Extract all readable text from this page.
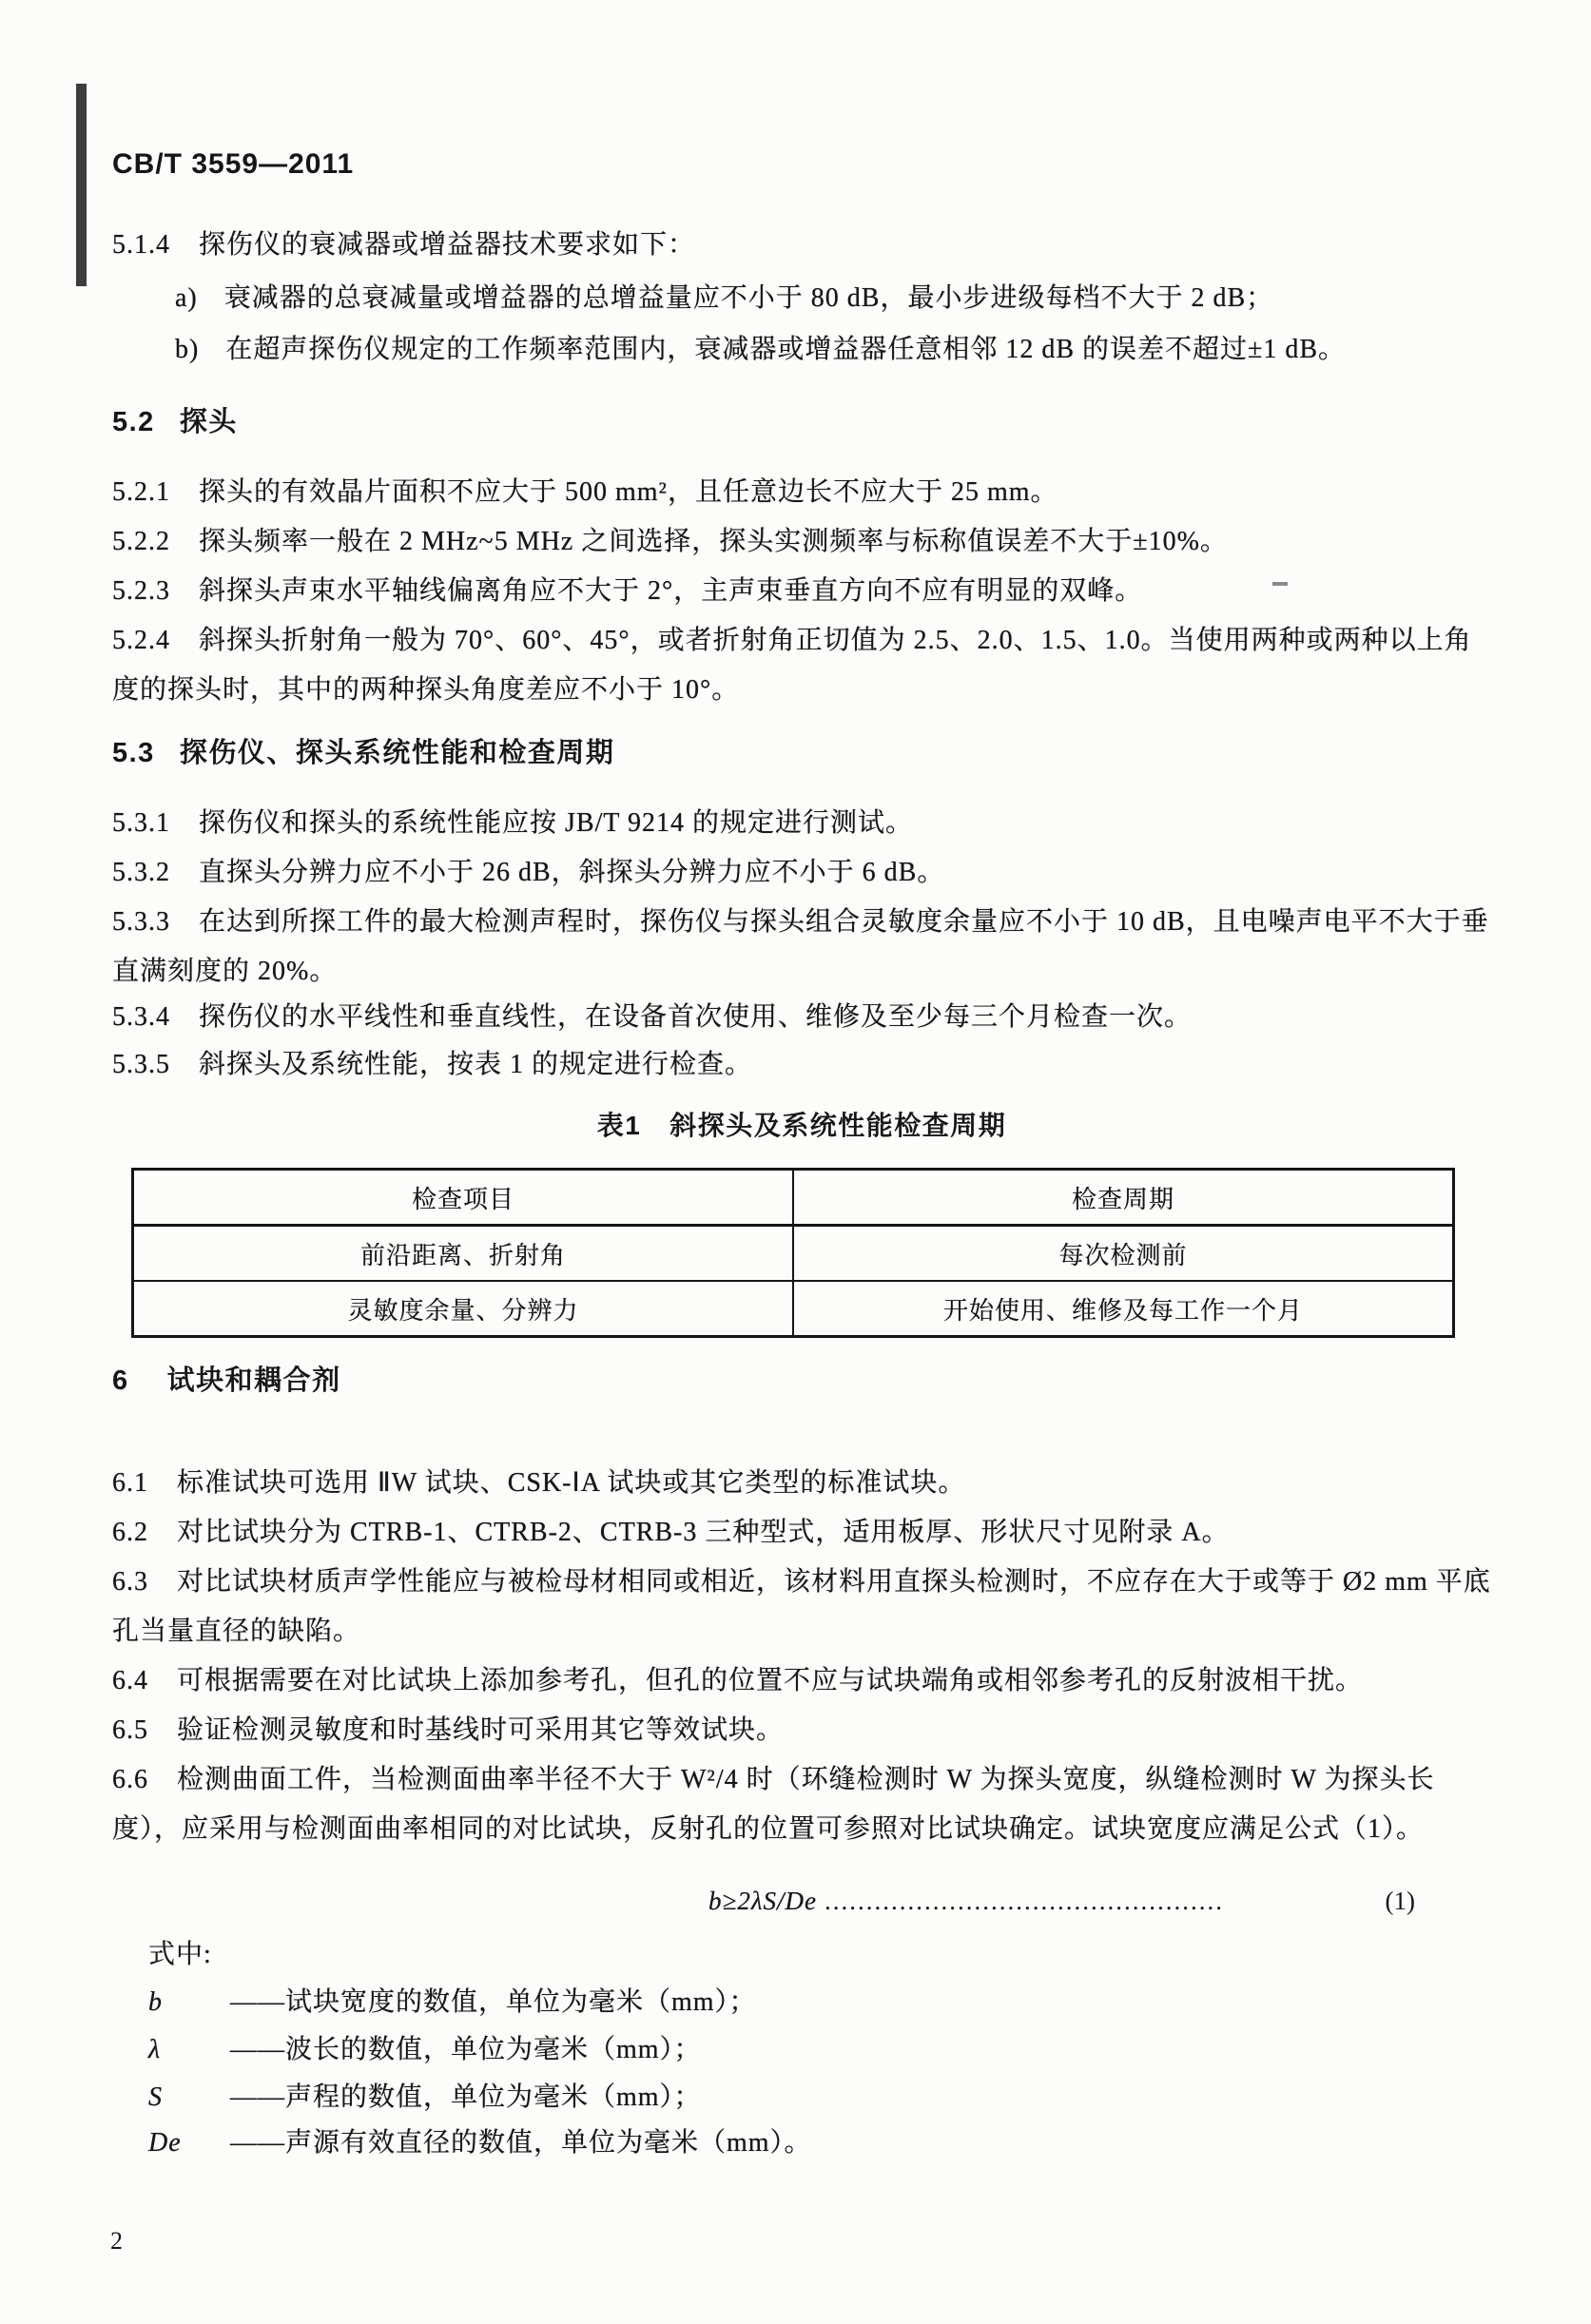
CB/T 3559—2011
5.1.4 探伤仪的衰减器或增益器技术要求如下：
a) 衰减器的总衰减量或增益器的总增益量应不小于 80 dB，最小步进级每档不大于 2 dB；
b) 在超声探伤仪规定的工作频率范围内，衰减器或增益器任意相邻 12 dB 的误差不超过±1 dB。
5.2 探头
5.2.1 探头的有效晶片面积不应大于 500 mm²，且任意边长不应大于 25 mm。
5.2.2 探头频率一般在 2 MHz~5 MHz 之间选择，探头实测频率与标称值误差不大于±10%。
5.2.3 斜探头声束水平轴线偏离角应不大于 2°，主声束垂直方向不应有明显的双峰。
5.2.4 斜探头折射角一般为 70°、60°、45°，或者折射角正切值为 2.5、2.0、1.5、1.0。当使用两种或两种以上角度的探头时，其中的两种探头角度差应不小于 10°。
5.3 探伤仪、探头系统性能和检查周期
5.3.1 探伤仪和探头的系统性能应按 JB/T 9214 的规定进行测试。
5.3.2 直探头分辨力应不小于 26 dB，斜探头分辨力应不小于 6 dB。
5.3.3 在达到所探工件的最大检测声程时，探伤仪与探头组合灵敏度余量应不小于 10 dB，且电噪声电平不大于垂直满刻度的 20%。
5.3.4 探伤仪的水平线性和垂直线性，在设备首次使用、维修及至少每三个月检查一次。
5.3.5 斜探头及系统性能，按表 1 的规定进行检查。
表1 斜探头及系统性能检查周期
检查项目	检查周期
前沿距离、折射角	每次检测前
灵敏度余量、分辨力	开始使用、维修及每工作一个月
6 试块和耦合剂
6.1 标准试块可选用 ⅡW 试块、CSK-ⅠA 试块或其它类型的标准试块。
6.2 对比试块分为 CTRB-1、CTRB-2、CTRB-3 三种型式，适用板厚、形状尺寸见附录 A。
6.3 对比试块材质声学性能应与被检母材相同或相近，该材料用直探头检测时，不应存在大于或等于 Ø2 mm 平底孔当量直径的缺陷。
6.4 可根据需要在对比试块上添加参考孔，但孔的位置不应与试块端角或相邻参考孔的反射波相干扰。
6.5 验证检测灵敏度和时基线时可采用其它等效试块。
6.6 检测曲面工件，当检测面曲率半径不大于 W²/4 时（环缝检测时 W 为探头宽度，纵缝检测时 W 为探头长度），应采用与检测面曲率相同的对比试块，反射孔的位置可参照对比试块确定。试块宽度应满足公式（1）。
b≥2λS/De ................................................	(1)
式中:
b	——试块宽度的数值，单位为毫米（mm）；
λ	——波长的数值，单位为毫米（mm）；
S	——声程的数值，单位为毫米（mm）；
De ——声源有效直径的数值，单位为毫米（mm）。
2
